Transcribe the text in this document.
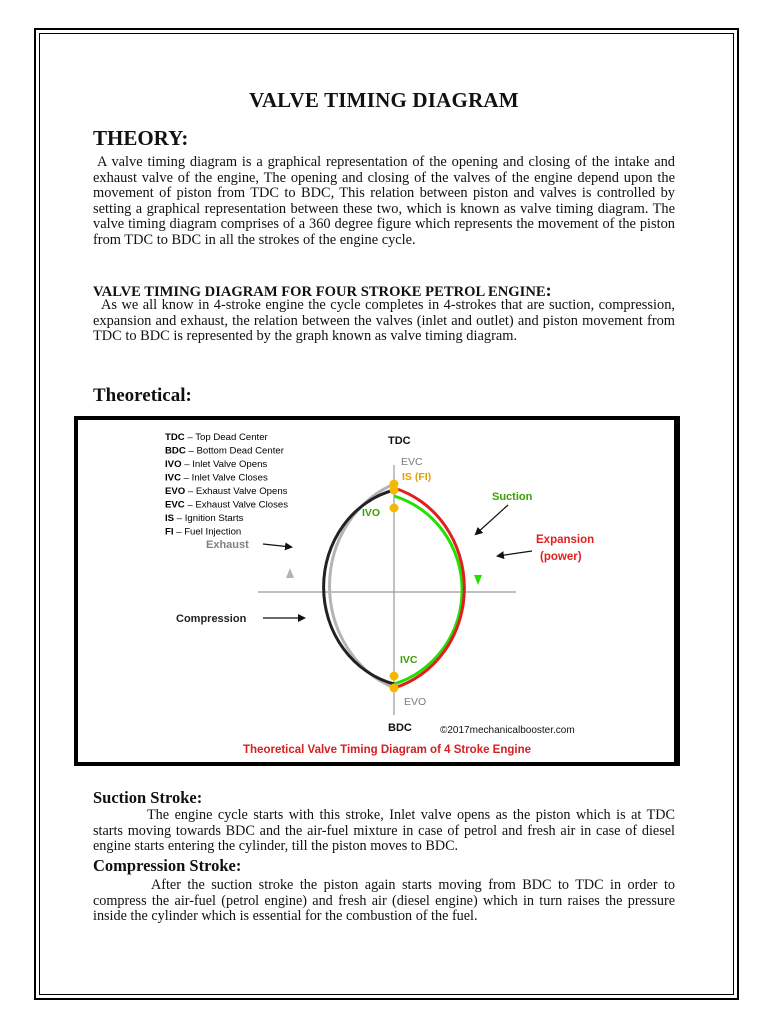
VALVE TIMING DIAGRAM
THEORY:
A valve timing diagram is a graphical representation of the opening and closing of the intake and exhaust valve of the engine, The opening and closing of the valves of the engine depend upon the movement of piston from TDC to BDC, This relation between piston and valves is controlled by setting a graphical representation between these two, which is known as valve timing diagram. The valve timing diagram comprises of a 360 degree figure which represents the movement of the piston from TDC to BDC in all the strokes of the engine cycle.
VALVE TIMING DIAGRAM FOR FOUR STROKE PETROL ENGINE:
As we all know in 4-stroke engine the cycle completes in 4-strokes that are suction, compression, expansion and exhaust, the relation between the valves (inlet and outlet) and piston movement from TDC to BDC is represented by the graph known as valve timing diagram.
Theoretical:
TDC – Top Dead Center
BDC – Bottom Dead Center
IVO – Inlet Valve Opens
IVC – Inlet Valve Closes
EVO – Exhaust Valve Opens
EVC – Exhaust Valve Closes
IS – Ignition Starts
FI – Fuel Injection
TDC
BDC
EVC
IS (FI)
IVO
IVC
EVO
Suction
Expansion
(power)
Exhaust
Compression
©2017mechanicalbooster.com
Theoretical Valve Timing Diagram of 4 Stroke Engine
Suction Stroke:
The engine cycle starts with this stroke, Inlet valve opens as the piston which is at TDC starts moving towards BDC and the air-fuel mixture in case of petrol and fresh air in case of diesel engine starts entering the cylinder, till the piston moves to BDC.
Compression Stroke:
After the suction stroke the piston again starts moving from BDC to TDC in order to compress the air-fuel (petrol engine) and fresh air (diesel engine) which in turn raises the pressure inside the cylinder which is essential for the combustion of the fuel.
